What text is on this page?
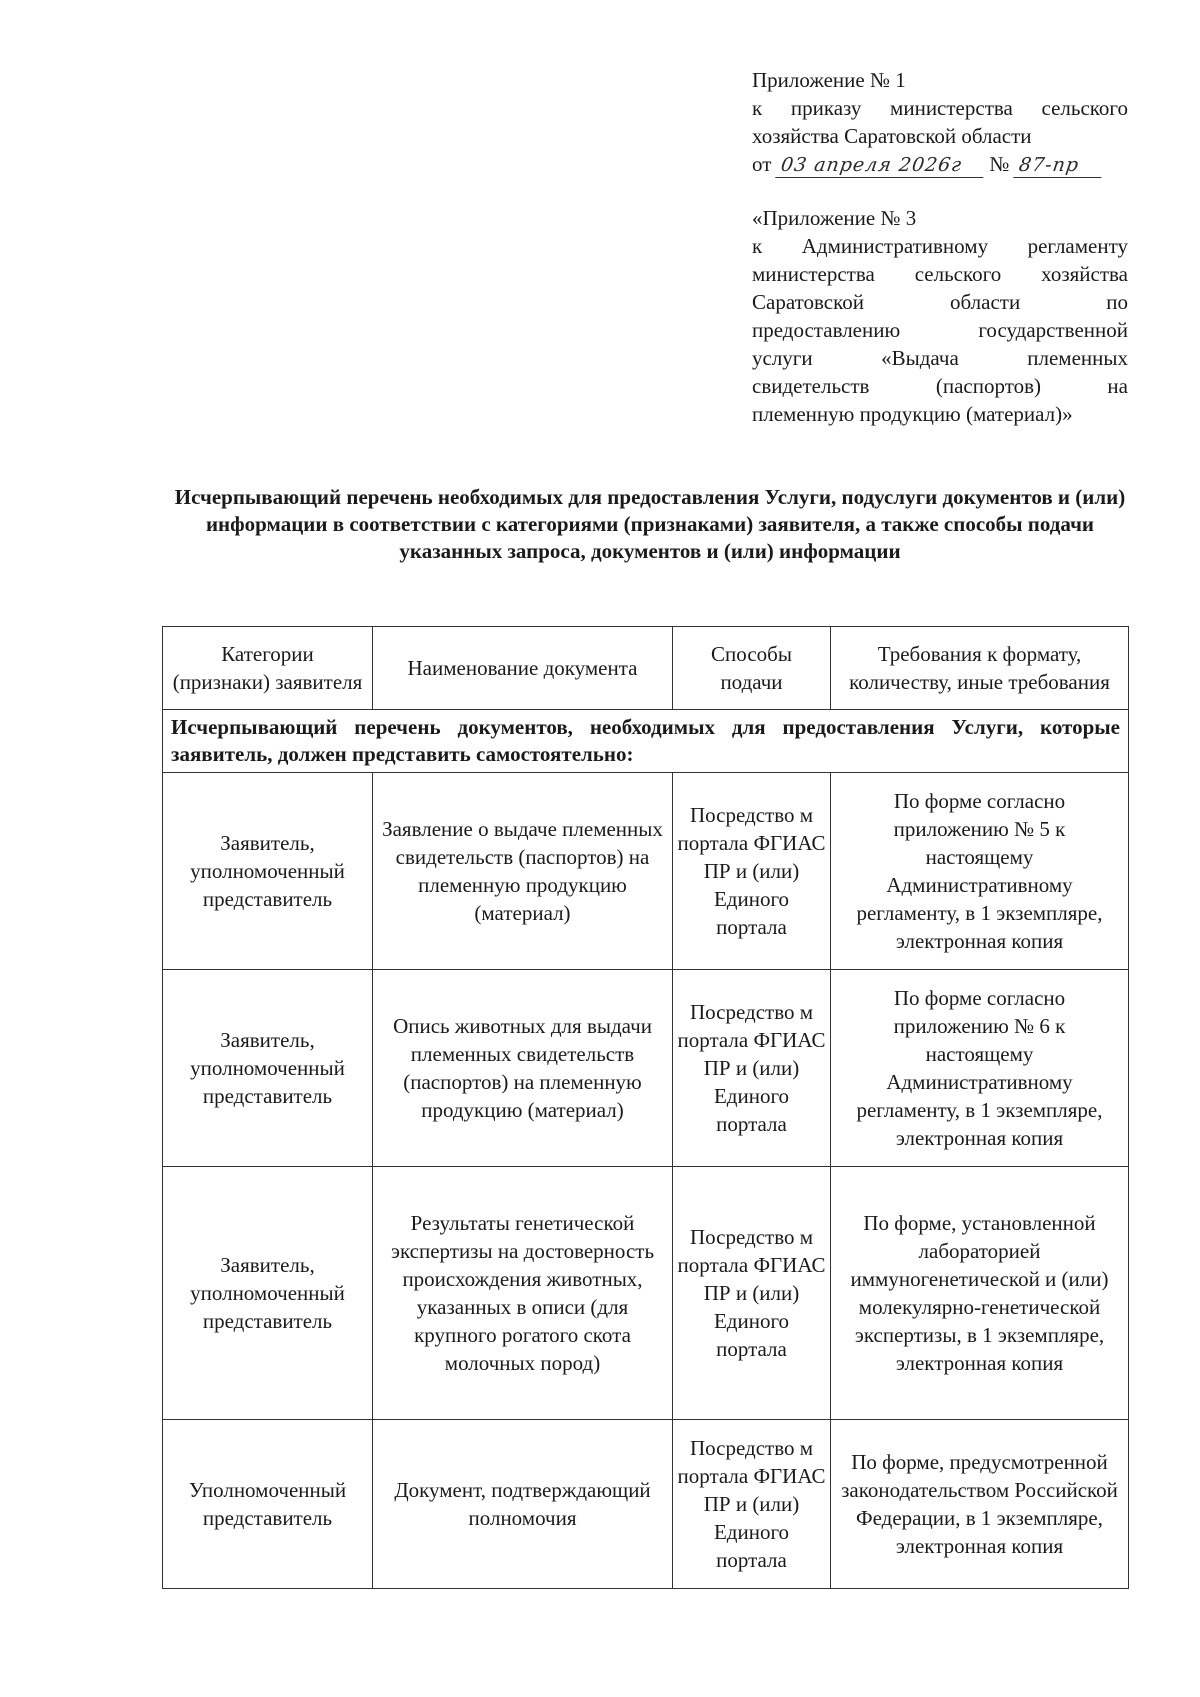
Приложение № 1

к приказу министерства сельского

хозяйства Саратовской области

от 03 апреля 2026г	№ 87-пр

«Приложение № 3

к Административному регламенту

министерства сельского хозяйства

Саратовской области по

предоставлению государственной

услуги «Выдача племенных

свидетельств (паспортов) на

племенную продукцию (материал)»

Исчерпывающий перечень необходимых для предоставления Услуги, подуслуги документов и (или) информации в соответствии с категориями (признаками) заявителя, а также способы подачи указанных запроса, документов и (или) информации
Категории (признаки) заявителя	Наименование документа	Способы подачи	Требования к формату, количеству, иные требования
Исчерпывающий перечень документов, необходимых для предоставления Услуги, которые заявитель, должен представить самостоятельно:			
Заявитель, уполномоченный представитель	Заявление о выдаче племенных свидетельств (паспортов) на племенную продукцию (материал)	Посредство м портала ФГИАС ПР и (или) Единого портала	По форме согласно приложению № 5 к настоящему Административному регламенту, в 1 экземпляре, электронная копия
Заявитель, уполномоченный представитель	Опись животных для выдачи племенных свидетельств (паспортов) на племенную продукцию (материал)	Посредство м портала ФГИАС ПР и (или) Единого портала	По форме согласно приложению № 6 к настоящему Административному регламенту, в 1 экземпляре, электронная копия
Заявитель, уполномоченный представитель	Результаты генетической экспертизы на достоверность происхождения животных, указанных в описи (для крупного рогатого скота молочных пород)	Посредство м портала ФГИАС ПР и (или) Единого портала	По форме, установленной лабораторией иммуногенетической и (или) молекулярно-генетической экспертизы, в 1 экземпляре, электронная копия
Уполномоченный представитель	Документ, подтверждающий полномочия	Посредство м портала ФГИАС ПР и (или) Единого портала	По форме, предусмотренной законодательством Российской Федерации, в 1 экземпляре, электронная копия
